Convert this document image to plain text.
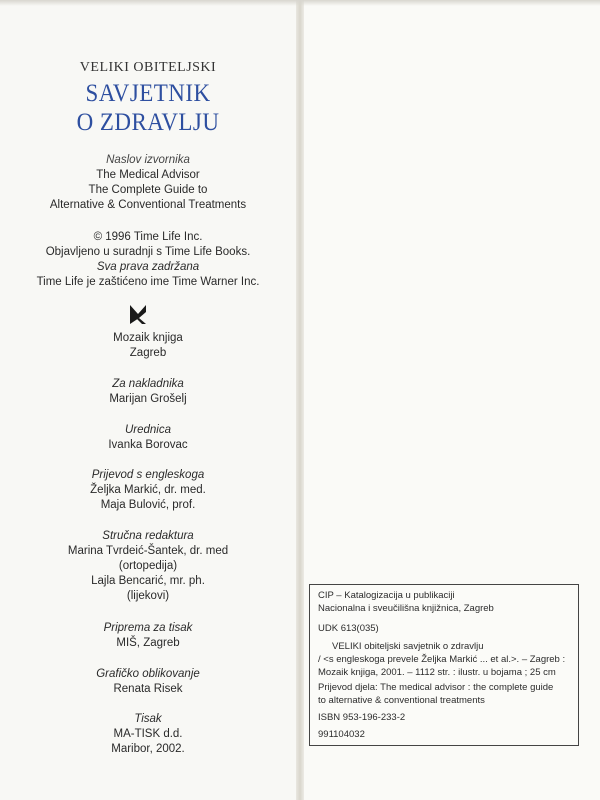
VELIKI OBITELJSKI
SAVJETNIK
O ZDRAVLJU
Naslov izvornika
The Medical Advisor
The Complete Guide to
Alternative & Conventional Treatments
© 1996 Time Life Inc.
Objavljeno u suradnji s Time Life Books.
Sva prava zadržana
Time Life je zaštićeno ime Time Warner Inc.
Mozaik knjiga
Zagreb
Za nakladnika
Marijan Grošelj
Urednica
Ivanka Borovac
Prijevod s engleskoga
Željka Markić, dr. med.
Maja Bulović, prof.
Stručna redaktura
Marina Tvrdeić-Šantek, dr. med
(ortopedija)
Lajla Bencarić, mr. ph.
(lijekovi)
Priprema za tisak
MIŠ, Zagreb
Grafičko oblikovanje
Renata Risek
Tisak
MA-TISK d.d.
Maribor, 2002.
CIP – Katalogizacija u publikaciji
Nacionalna i sveučilišna knjižnica, Zagreb
UDK 613(035)
VELIKI obiteljski savjetnik o zdravlju
/ <s engleskoga prevele Željka Markić ... et al.>. – Zagreb :
Mozaik knjiga, 2001. – 1112 str. : ilustr. u bojama ; 25 cm
Prijevod djela: The medical advisor : the complete guide
to alternative & conventional treatments
ISBN 953-196-233-2
991104032
